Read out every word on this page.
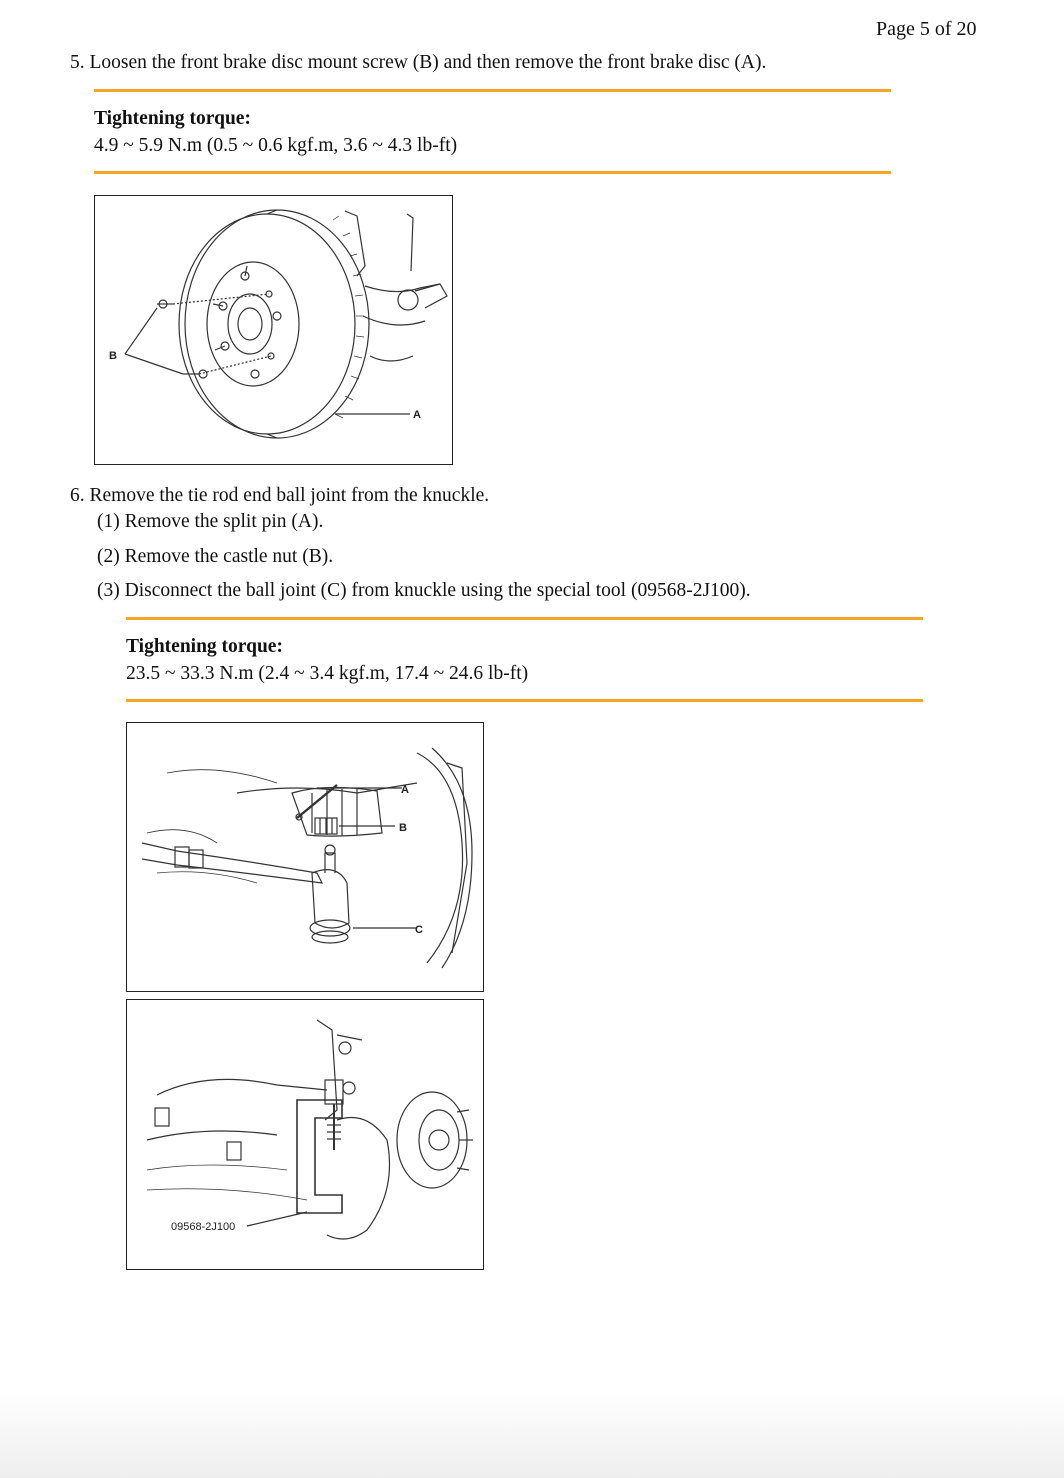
Page 5 of 20
5. Loosen the front brake disc mount screw (B) and then remove the front brake disc (A).
Tightening torque:
4.9 ~ 5.9 N.m (0.5 ~ 0.6 kgf.m, 3.6 ~ 4.3 lb-ft)
B
A
6. Remove the tie rod end ball joint from the knuckle.
(1) Remove the split pin (A).
(2) Remove the castle nut (B).
(3) Disconnect the ball joint (C) from knuckle using the special tool (09568-2J100).
Tightening torque:
23.5 ~ 33.3 N.m (2.4 ~ 3.4 kgf.m, 17.4 ~ 24.6 lb-ft)
A
B
C
09568-2J100
